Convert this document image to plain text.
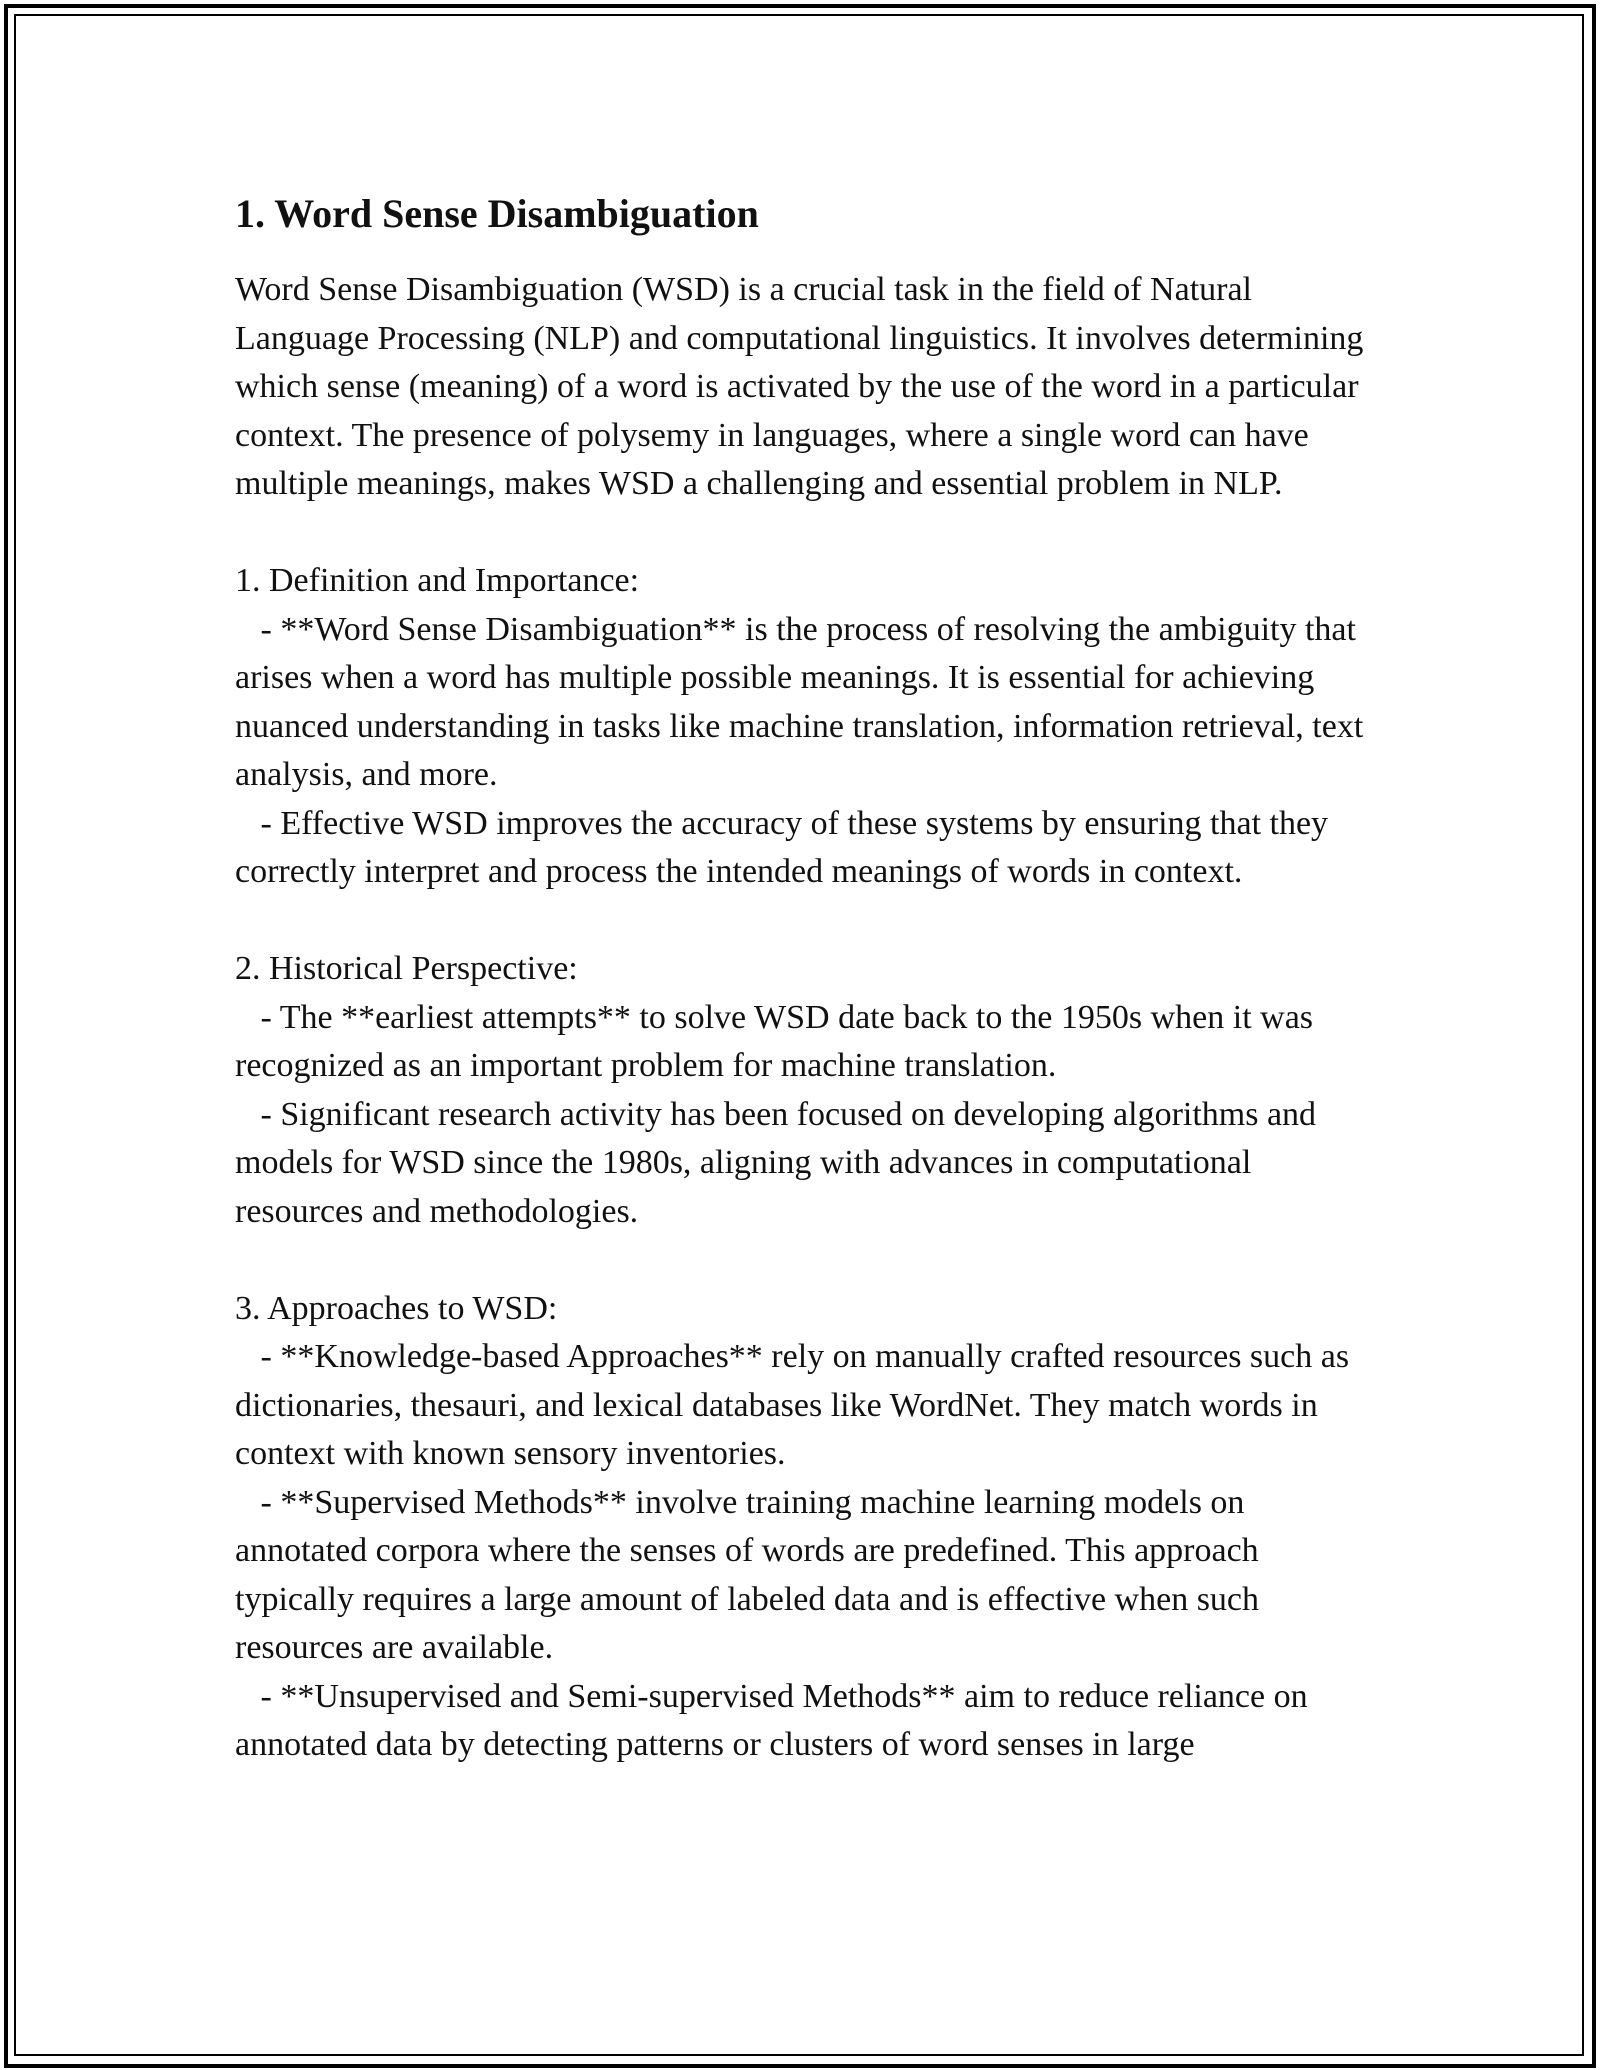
1. Word Sense Disambiguation

Word Sense Disambiguation (WSD) is a crucial task in the field of Natural Language Processing (NLP) and computational linguistics. It involves determining which sense (meaning) of a word is activated by the use of the word in a particular context. The presence of polysemy in languages, where a single word can have multiple meanings, makes WSD a challenging and essential problem in NLP.

1. Definition and Importance:

- **Word Sense Disambiguation** is the process of resolving the ambiguity that arises when a word has multiple possible meanings. It is essential for achieving nuanced understanding in tasks like machine translation, information retrieval, text analysis, and more.

- Effective WSD improves the accuracy of these systems by ensuring that they correctly interpret and process the intended meanings of words in context.

2. Historical Perspective:

- The **earliest attempts** to solve WSD date back to the 1950s when it was recognized as an important problem for machine translation.

- Significant research activity has been focused on developing algorithms and models for WSD since the 1980s, aligning with advances in computational resources and methodologies.

3. Approaches to WSD:

- **Knowledge-based Approaches** rely on manually crafted resources such as dictionaries, thesauri, and lexical databases like WordNet. They match words in context with known sensory inventories.

- **Supervised Methods** involve training machine learning models on annotated corpora where the senses of words are predefined. This approach typically requires a large amount of labeled data and is effective when such resources are available.

- **Unsupervised and Semi-supervised Methods** aim to reduce reliance on annotated data by detecting patterns or clusters of word senses in large
